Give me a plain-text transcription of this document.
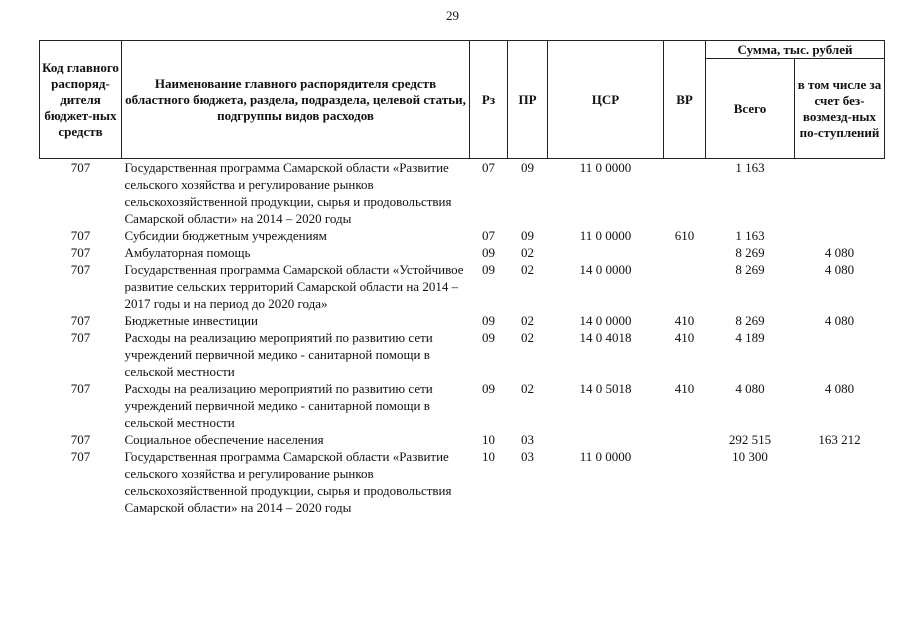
29
Код главного распоряд-дителя бюджет-ных средств	Наименование главного распорядителя средств областного бюджета, раздела, подраздела, целевой статьи, подгруппы видов расходов	Рз	ПР	ЦСР	ВР	Сумма, тыс. рублей	
						Всего	в том числе за счет без-возмезд-ных по-ступлений

707	Государственная программа Самарской области «Развитие сельского хозяйства и регулирование рынков сельскохозяйственной продукции, сырья и продовольствия Самарской области» на 2014 – 2020 годы	07	09	11 0 0000		1 163	
707	Субсидии бюджетным учреждениям	07	09	11 0 0000	610	1 163	
707	Амбулаторная помощь	09	02			8 269	4 080
707	Государственная программа Самарской области «Устойчивое развитие сельских территорий Самарской области на 2014 – 2017 годы и на период до 2020 года»	09	02	14 0 0000		8 269	4 080
707	Бюджетные инвестиции	09	02	14 0 0000	410	8 269	4 080
707	Расходы на реализацию мероприятий по развитию сети учреждений первичной медико - санитарной помощи в сельской местности	09	02	14 0 4018	410	4 189	
707	Расходы на реализацию мероприятий по развитию сети учреждений первичной медико - санитарной помощи в сельской местности	09	02	14 0 5018	410	4 080	4 080
707	Социальное обеспечение населения	10	03			292 515	163 212
707	Государственная программа Самарской области «Развитие сельского хозяйства и регулирование рынков сельскохозяйственной продукции, сырья и продовольствия Самарской области» на 2014 – 2020 годы	10	03	11 0 0000		10 300	
